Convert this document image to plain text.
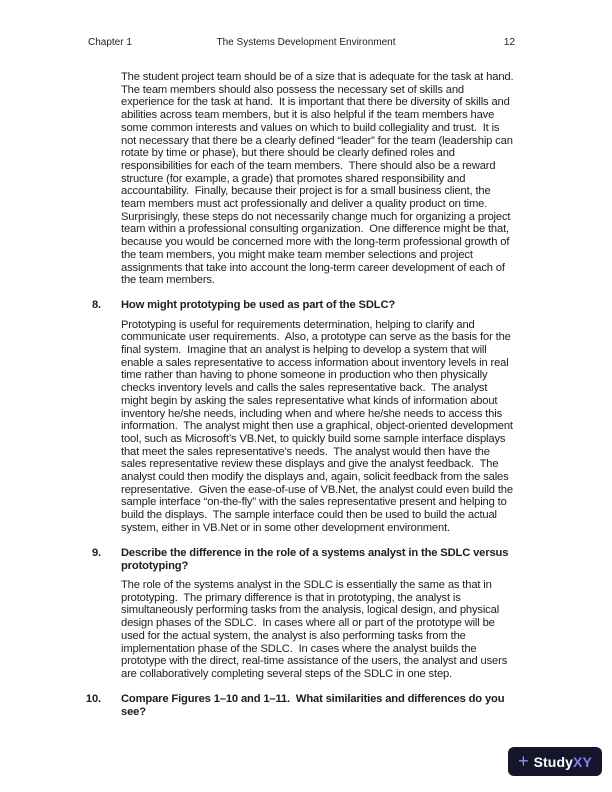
Chapter 1	The Systems Development Environment	12
The student project team should be of a size that is adequate for the task at hand.
The team members should also possess the necessary set of skills and
experience for the task at hand.  It is important that there be diversity of skills and
abilities across team members, but it is also helpful if the team members have
some common interests and values on which to build collegiality and trust.  It is
not necessary that there be a clearly defined “leader” for the team (leadership can
rotate by time or phase), but there should be clearly defined roles and
responsibilities for each of the team members.  There should also be a reward
structure (for example, a grade) that promotes shared responsibility and
accountability.  Finally, because their project is for a small business client, the
team members must act professionally and deliver a quality product on time.
Surprisingly, these steps do not necessarily change much for organizing a project
team within a professional consulting organization.  One difference might be that,
because you would be concerned more with the long-term professional growth of
the team members, you might make team member selections and project
assignments that take into account the long-term career development of each of
the team members.
8. How might prototyping be used as part of the SDLC?
Prototyping is useful for requirements determination, helping to clarify and
communicate user requirements.  Also, a prototype can serve as the basis for the
final system.  Imagine that an analyst is helping to develop a system that will
enable a sales representative to access information about inventory levels in real
time rather than having to phone someone in production who then physically
checks inventory levels and calls the sales representative back.  The analyst
might begin by asking the sales representative what kinds of information about
inventory he/she needs, including when and where he/she needs to access this
information.  The analyst might then use a graphical, object-oriented development
tool, such as Microsoft’s VB.Net, to quickly build some sample interface displays
that meet the sales representative’s needs.  The analyst would then have the
sales representative review these displays and give the analyst feedback.  The
analyst could then modify the displays and, again, solicit feedback from the sales
representative.  Given the ease-of-use of VB.Net, the analyst could even build the
sample interface “on-the-fly” with the sales representative present and helping to
build the displays.  The sample interface could then be used to build the actual
system, either in VB.Net or in some other development environment.
9. Describe the difference in the role of a systems analyst in the SDLC versus
prototyping?
The role of the systems analyst in the SDLC is essentially the same as that in
prototyping.  The primary difference is that in prototyping, the analyst is
simultaneously performing tasks from the analysis, logical design, and physical
design phases of the SDLC.  In cases where all or part of the prototype will be
used for the actual system, the analyst is also performing tasks from the
implementation phase of the SDLC.  In cases where the analyst builds the
prototype with the direct, real-time assistance of the users, the analyst and users
are collaboratively completing several steps of the SDLC in one step.
10. Compare Figures 1–10 and 1–11.  What similarities and differences do you
see?
+ Study XY
